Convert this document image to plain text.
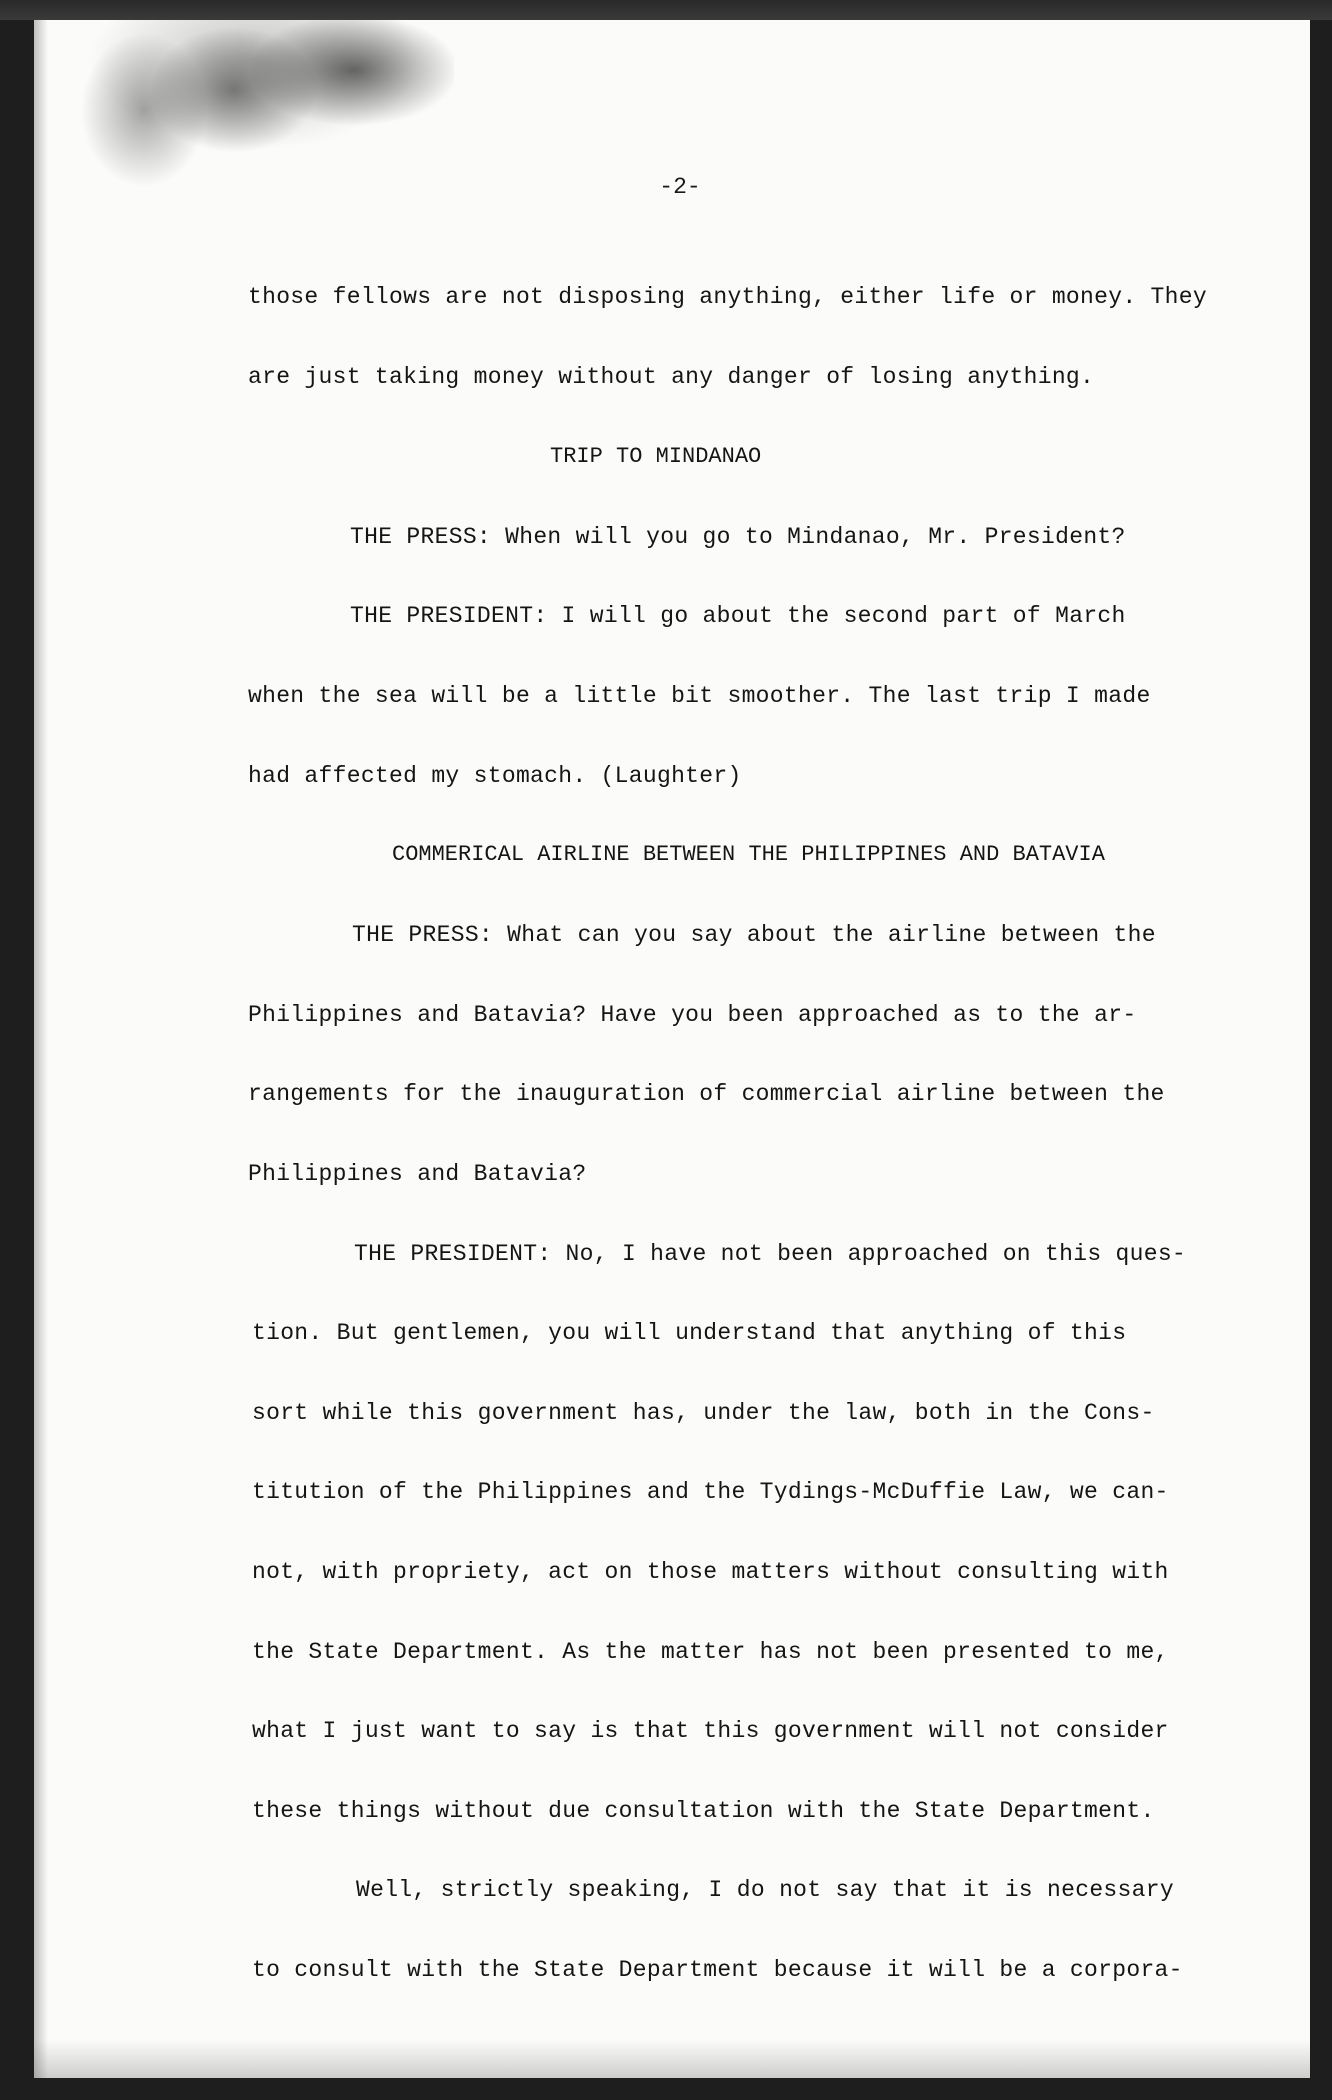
-2-
those fellows are not disposing anything, either life or money. They
are just taking money without any danger of losing anything.
TRIP TO MINDANAO
THE PRESS: When will you go to Mindanao, Mr. President?
THE PRESIDENT: I will go about the second part of March
when the sea will be a little bit smoother. The last trip I made
had affected my stomach. (Laughter)
COMMERICAL AIRLINE BETWEEN THE PHILIPPINES AND BATAVIA
THE PRESS: What can you say about the airline between the
Philippines and Batavia? Have you been approached as to the ar-
rangements for the inauguration of commercial airline between the
Philippines and Batavia?
THE PRESIDENT: No, I have not been approached on this ques-
tion. But gentlemen, you will understand that anything of this
sort while this government has, under the law, both in the Cons-
titution of the Philippines and the Tydings-McDuffie Law, we can-
not, with propriety, act on those matters without consulting with
the State Department. As the matter has not been presented to me,
what I just want to say is that this government will not consider
these things without due consultation with the State Department.
Well, strictly speaking, I do not say that it is necessary
to consult with the State Department because it will be a corpora-
